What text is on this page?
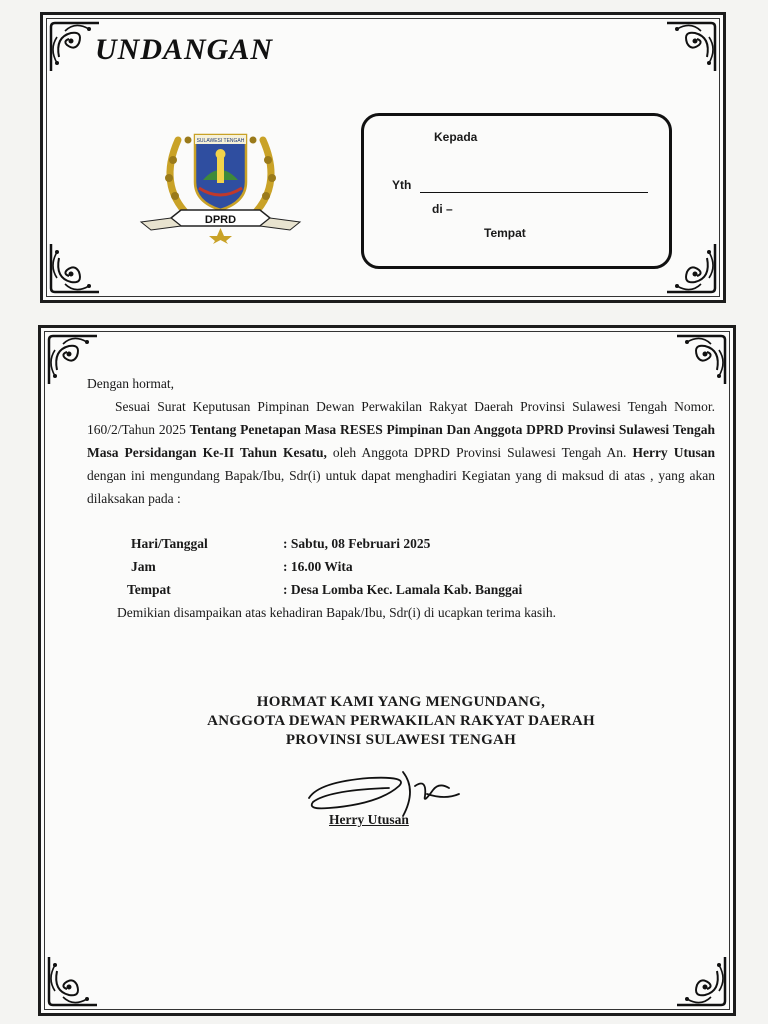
UNDANGAN
SULAWESI TENGAH
DPRD
Kepada
Yth
di –
Tempat

Dengan hormat,

Sesuai Surat Keputusan Pimpinan Dewan Perwakilan Rakyat Daerah Provinsi Sulawesi Tengah Nomor. 160/2/Tahun 2025 Tentang Penetapan Masa RESES Pimpinan Dan Anggota DPRD Provinsi Sulawesi Tengah Masa Persidangan Ke-II Tahun Kesatu, oleh Anggota DPRD Provinsi Sulawesi Tengah An. Herry Utusan dengan ini mengundang Bapak/Ibu, Sdr(i) untuk dapat menghadiri Kegiatan yang di maksud di atas , yang akan dilaksakan pada :

Hari/Tanggal	: Sabtu, 08 Februari 2025
Jam	: 16.00 Wita
Tempat	: Desa Lomba Kec. Lamala Kab. Banggai

Demikian disampaikan atas kehadiran Bapak/Ibu, Sdr(i) di ucapkan terima kasih.

HORMAT KAMI YANG MENGUNDANG,
ANGGOTA DEWAN PERWAKILAN RAKYAT DAERAH
PROVINSI SULAWESI TENGAH
Herry Utusan
